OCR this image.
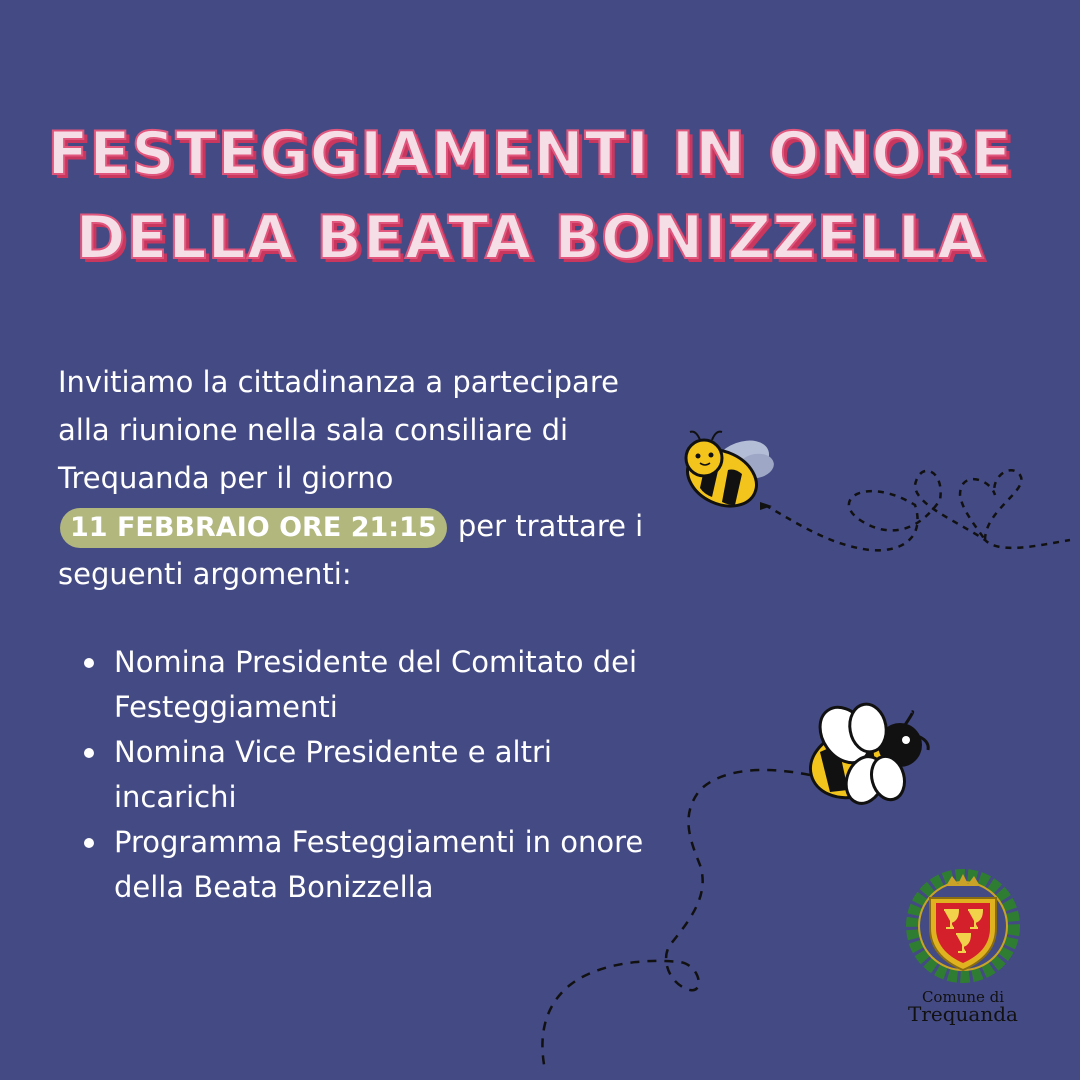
FESTEGGIAMENTI IN ONORE
DELLA BEATA BONIZZELLA

Invitiamo la cittadinanza a partecipare alla riunione nella sala consiliare di Trequanda per il giorno 11 FEBBRAIO ORE 21:15 per trattare i seguenti argomenti:

Nomina Presidente del Comitato dei Festeggiamenti
Nomina Vice Presidente e altri incarichi
Programma Festeggiamenti in onore della Beata Bonizzella
Comune di
Trequanda
